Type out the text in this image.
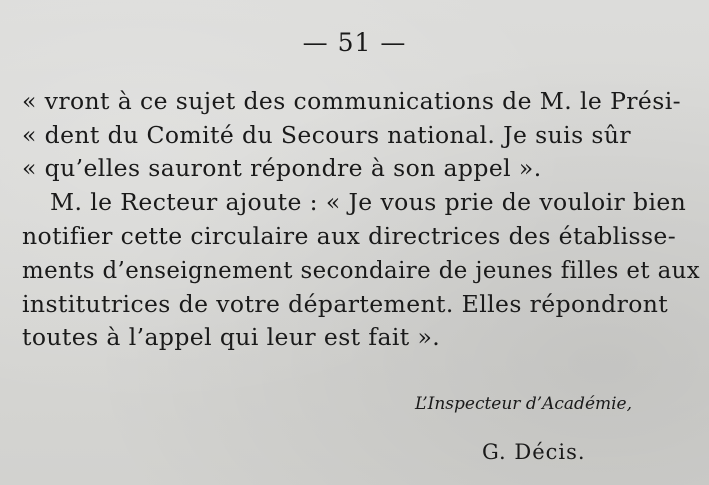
— 51 —
« vront à ce sujet des communications de M. le Prési-
« dent du Comité du Secours national. Je suis sûr
« qu’elles sauront répondre à son appel ».
M. le Recteur ajoute : « Je vous prie de vouloir bien
notifier cette circulaire aux directrices des établisse-
ments d’enseignement secondaire de jeunes filles et aux
institutrices de votre département. Elles répondront
toutes à l’appel qui leur est fait ».
L’Inspecteur d’Académie,
G. Décis.
